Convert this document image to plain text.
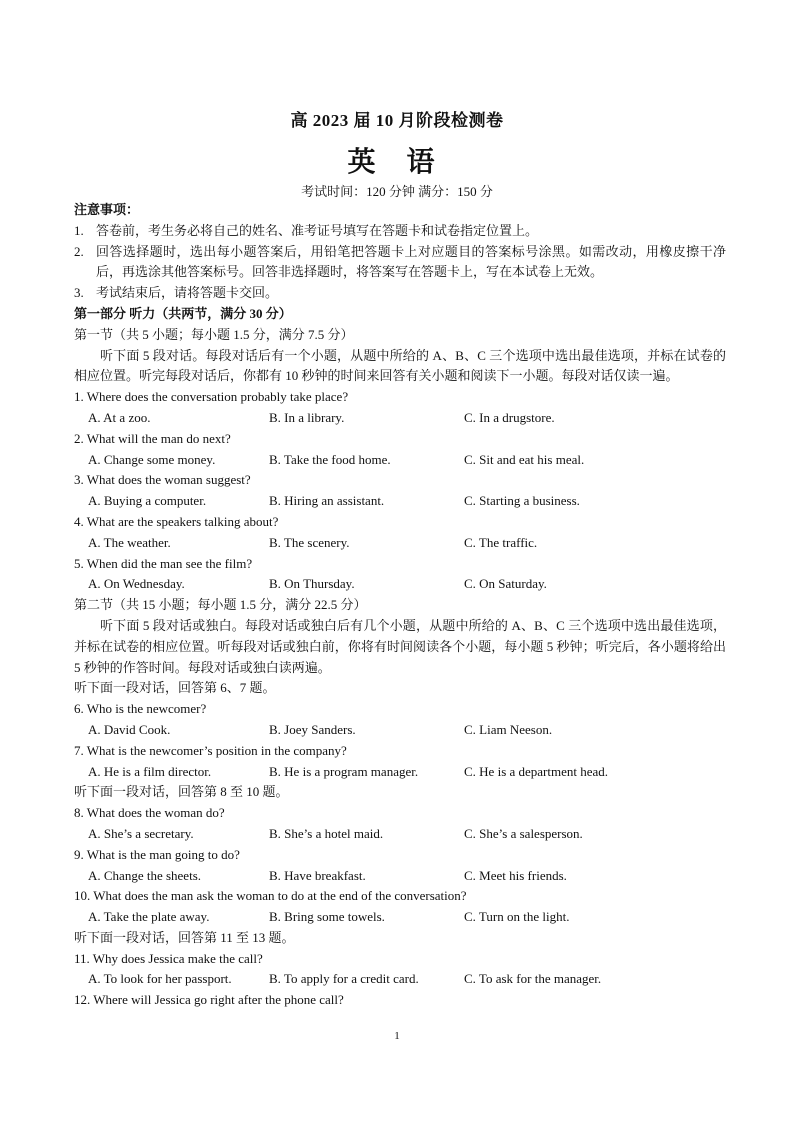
高 2023 届 10 月阶段检测卷
英 语
考试时间：120 分钟 满分：150 分
注意事项：
1. 答卷前，考生务必将自己的姓名、准考证号填写在答题卡和试卷指定位置上。
2. 回答选择题时，选出每小题答案后，用铅笔把答题卡上对应题目的答案标号涂黑。如需改动，用橡皮擦干净后，再选涂其他答案标号。回答非选择题时，将答案写在答题卡上，写在本试卷上无效。
3. 考试结束后，请将答题卡交回。
第一部分 听力（共两节，满分 30 分）
第一节（共 5 小题；每小题 1.5 分，满分 7.5 分）
听下面 5 段对话。每段对话后有一个小题，从题中所给的 A、B、C 三个选项中选出最佳选项，并标在试卷的相应位置。听完每段对话后，你都有 10 秒钟的时间来回答有关小题和阅读下一小题。每段对话仅读一遍。
1. Where does the conversation probably take place?
A. At a zoo.	B. In a library.	C. In a drugstore.
2. What will the man do next?
A. Change some money.	B. Take the food home.	C. Sit and eat his meal.
3. What does the woman suggest?
A. Buying a computer.	B. Hiring an assistant.	C. Starting a business.
4. What are the speakers talking about?
A. The weather.	B. The scenery.	C. The traffic.
5. When did the man see the film?
A. On Wednesday.	B. On Thursday.	C. On Saturday.
第二节（共 15 小题；每小题 1.5 分，满分 22.5 分）
听下面 5 段对话或独白。每段对话或独白后有几个小题，从题中所给的 A、B、C 三个选项中选出最佳选项，并标在试卷的相应位置。听每段对话或独白前，你将有时间阅读各个小题，每小题 5 秒钟；听完后，各小题将给出 5 秒钟的作答时间。每段对话或独白读两遍。
听下面一段对话，回答第 6、7 题。
6. Who is the newcomer?
A. David Cook.	B. Joey Sanders.	C. Liam Neeson.
7. What is the newcomer’s position in the company?
A. He is a film director.	B. He is a program manager.	C. He is a department head.
听下面一段对话，回答第 8 至 10 题。
8. What does the woman do?
A. She’s a secretary.	B. She’s a hotel maid.	C. She’s a salesperson.
9. What is the man going to do?
A. Change the sheets.	B. Have breakfast.	C. Meet his friends.
10. What does the man ask the woman to do at the end of the conversation?
A. Take the plate away.	B. Bring some towels.	C. Turn on the light.
听下面一段对话，回答第 11 至 13 题。
11. Why does Jessica make the call?
A. To look for her passport.	B. To apply for a credit card.	C. To ask for the manager.
12. Where will Jessica go right after the phone call?
1
